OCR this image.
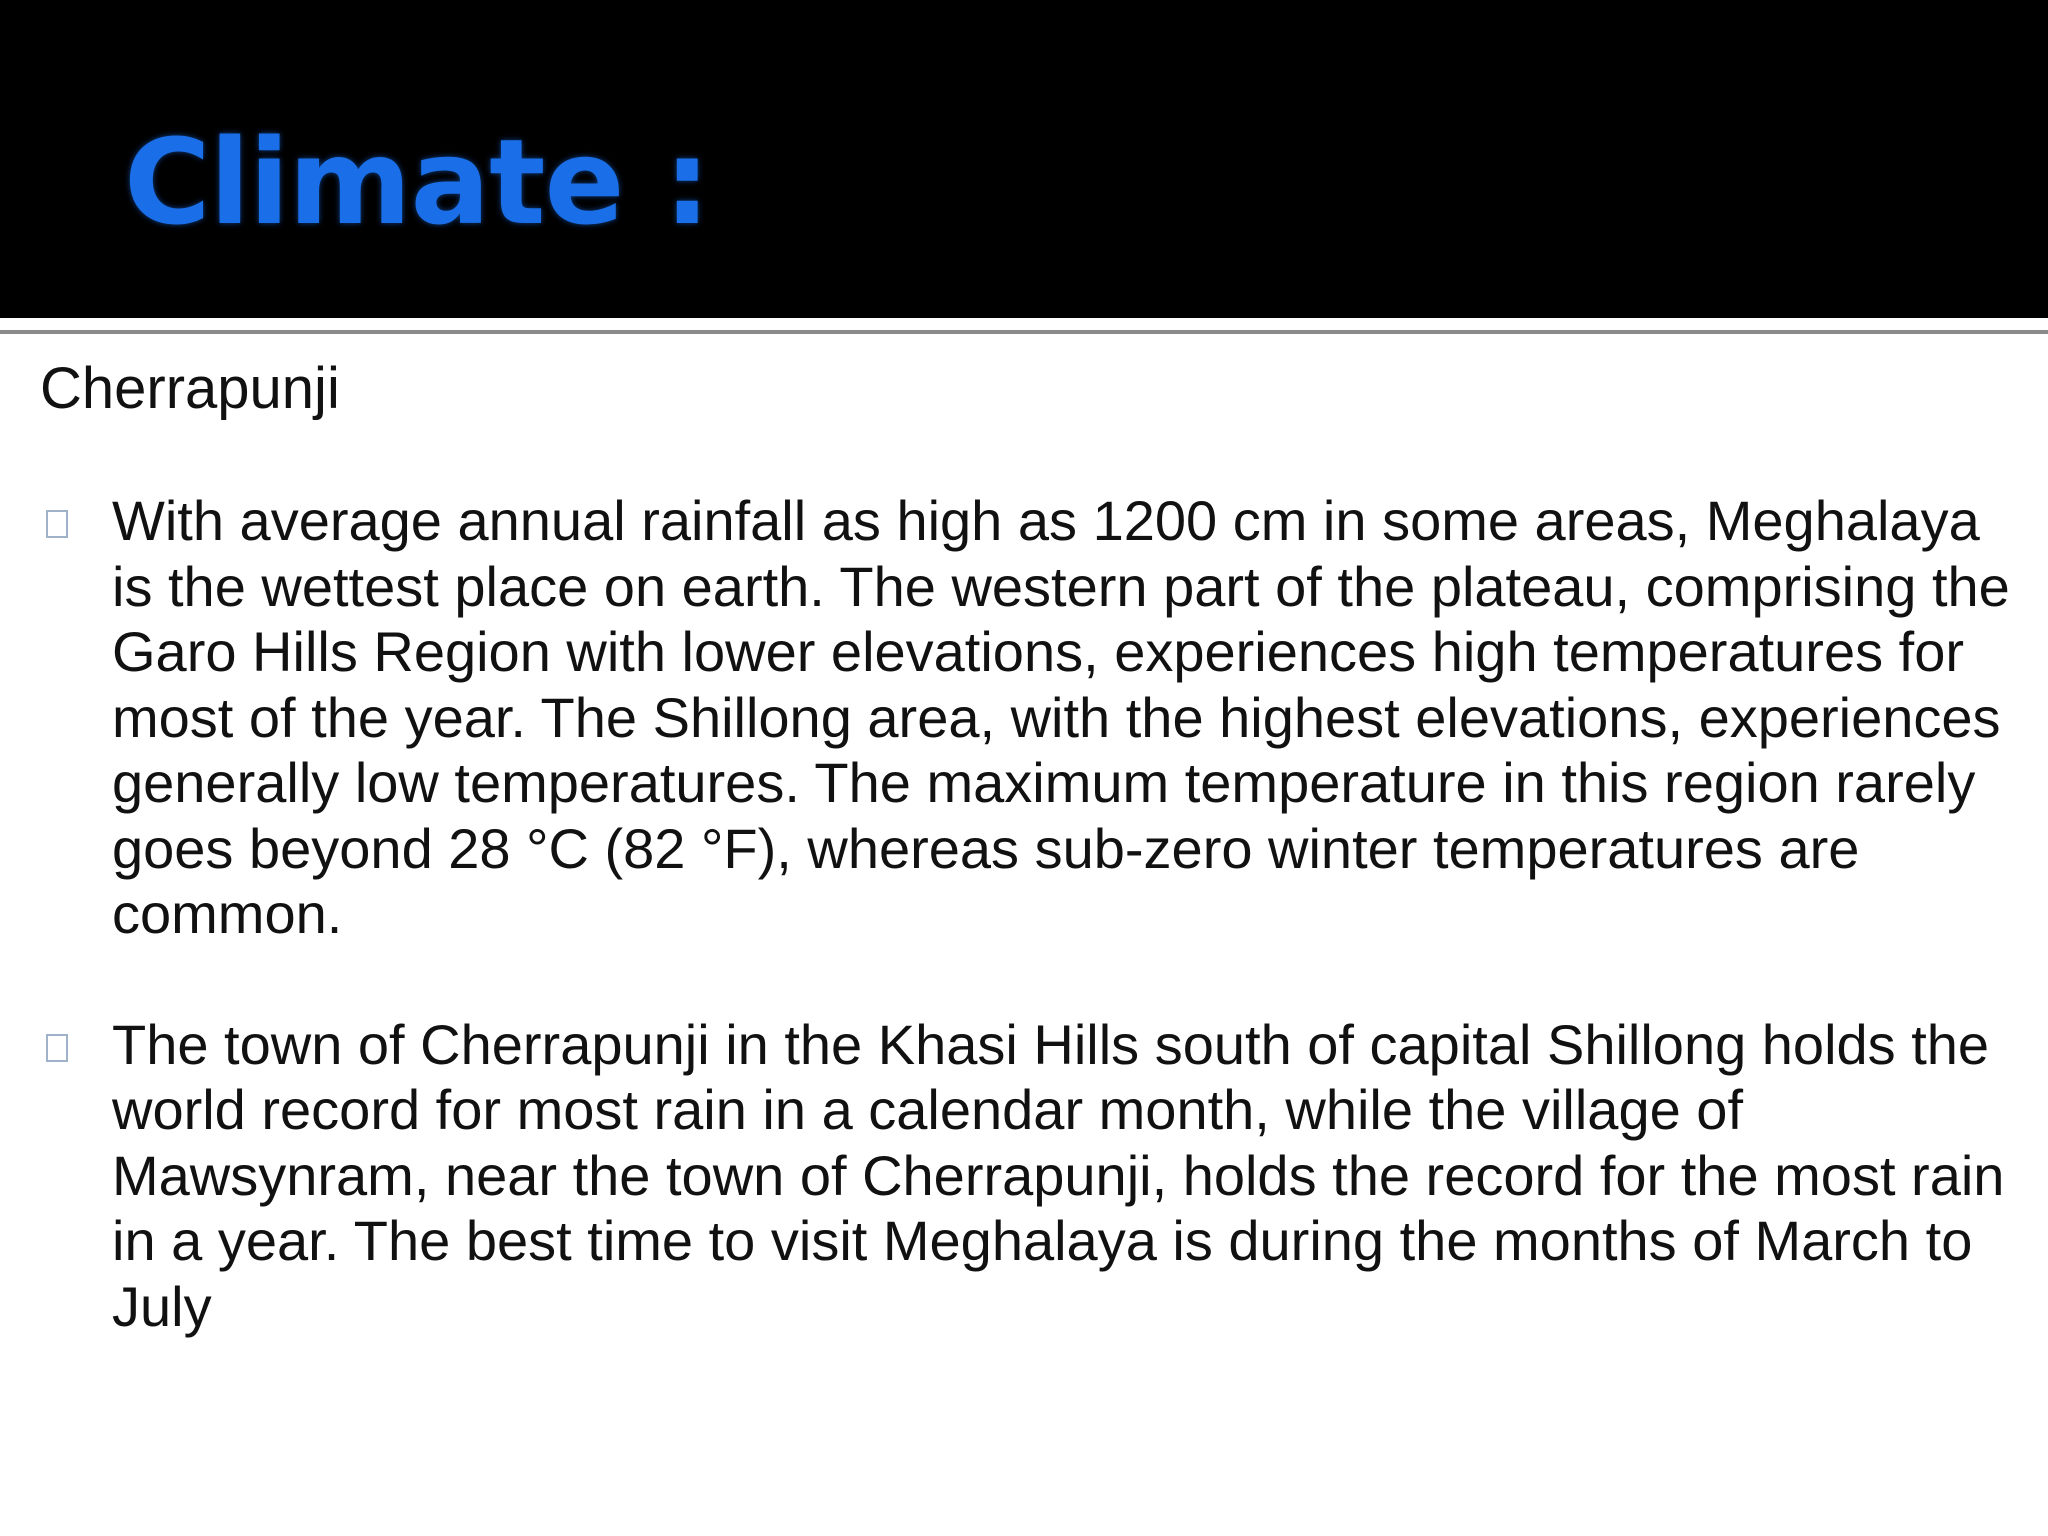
Climate :

Cherrapunji

With average annual rainfall as high as 1200 cm in some areas, Meghalaya is the wettest place on earth. The western part of the plateau, comprising the Garo Hills Region with lower elevations, experiences high temperatures for most of the year. The Shillong area, with the highest elevations, experiences generally low temperatures. The maximum temperature in this region rarely goes beyond 28 °C (82 °F), whereas sub-zero winter temperatures are common.
The town of Cherrapunji in the Khasi Hills south of capital Shillong holds the world record for most rain in a calendar month, while the village of Mawsynram, near the town of Cherrapunji, holds the record for the most rain in a year. The best time to visit Meghalaya is during the months of March to July
